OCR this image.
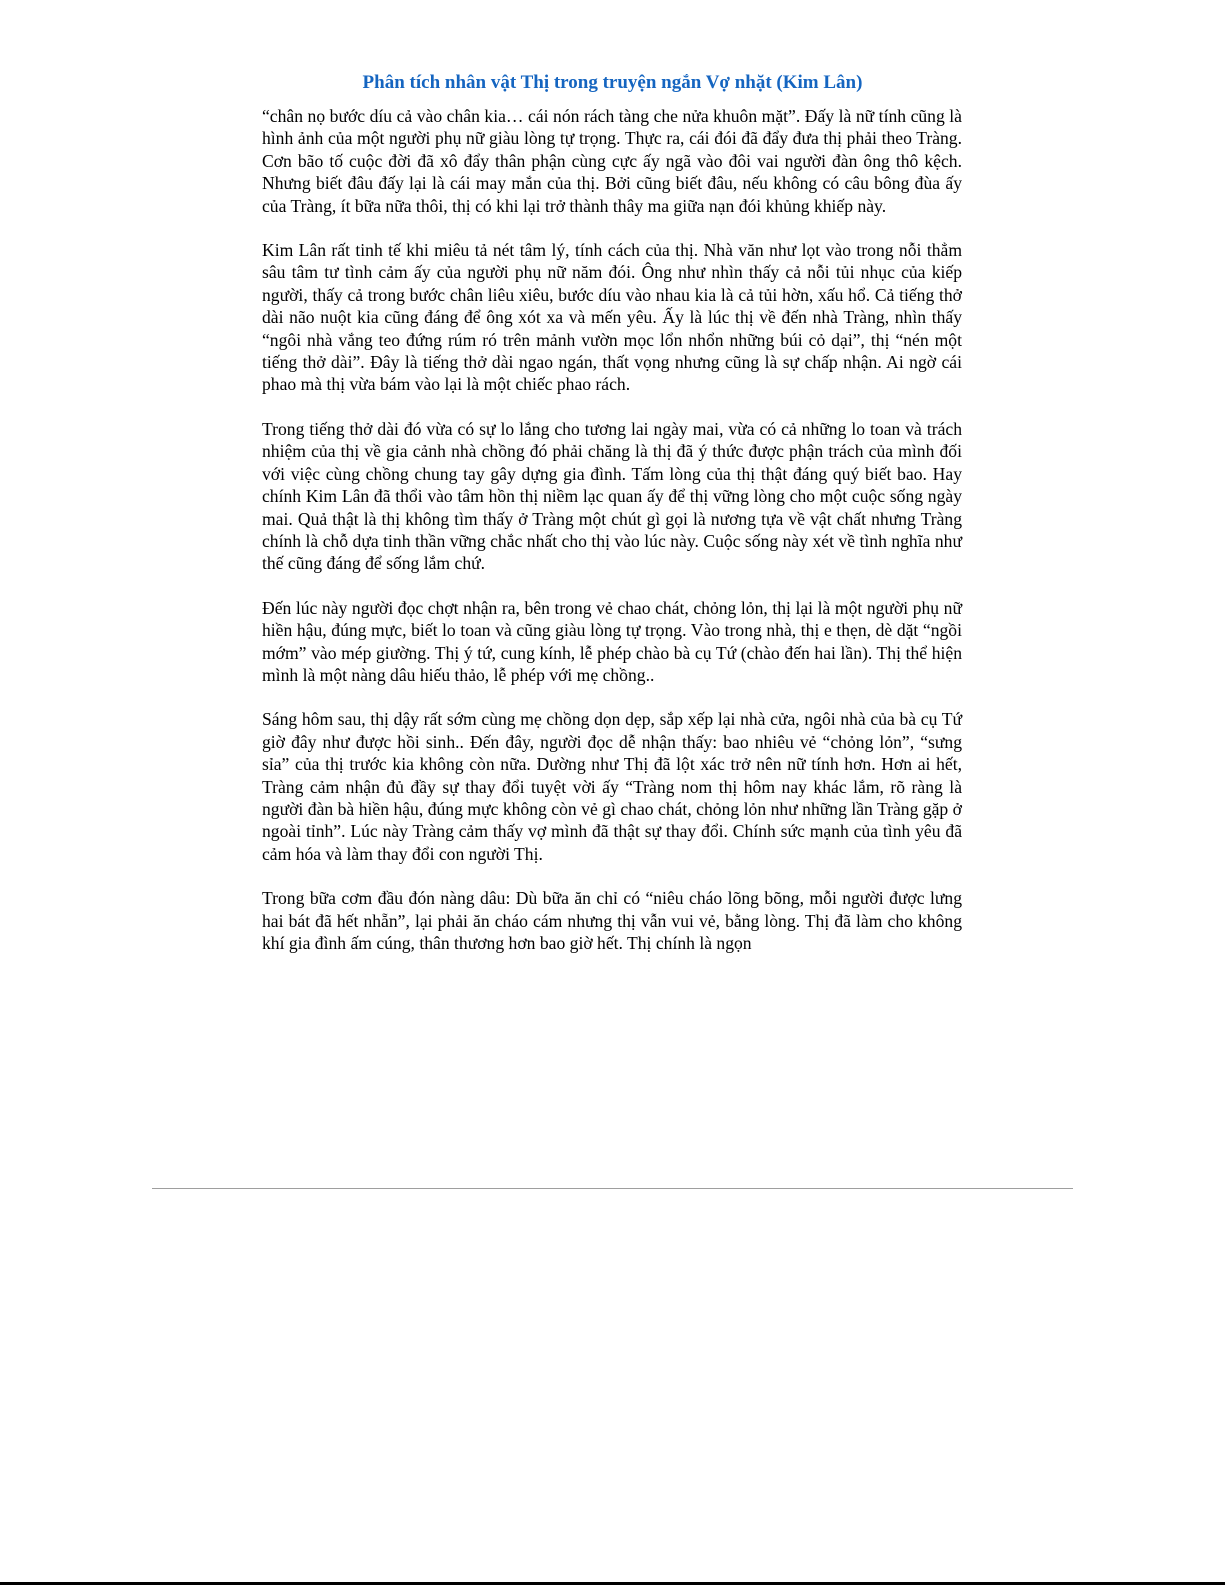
Phân tích nhân vật Thị trong truyện ngắn Vợ nhặt (Kim Lân)

“chân nọ bước díu cả vào chân kia… cái nón rách tàng che nửa khuôn mặt”. Đấy là nữ tính cũng là hình ảnh của một người phụ nữ giàu lòng tự trọng. Thực ra, cái đói đã đẩy đưa thị phải theo Tràng. Cơn bão tố cuộc đời đã xô đẩy thân phận cùng cực ấy ngã vào đôi vai người đàn ông thô kệch. Nhưng biết đâu đấy lại là cái may mắn của thị. Bởi cũng biết đâu, nếu không có câu bông đùa ấy của Tràng, ít bữa nữa thôi, thị có khi lại trở thành thây ma giữa nạn đói khủng khiếp này.

Kim Lân rất tinh tế khi miêu tả nét tâm lý, tính cách của thị. Nhà văn như lọt vào trong nỗi thẳm sâu tâm tư tình cảm ấy của người phụ nữ năm đói. Ông như nhìn thấy cả nỗi tủi nhục của kiếp người, thấy cả trong bước chân liêu xiêu, bước díu vào nhau kia là cả tủi hờn, xấu hổ. Cả tiếng thở dài não nuột kia cũng đáng để ông xót xa và mến yêu. Ấy là lúc thị về đến nhà Tràng, nhìn thấy “ngôi nhà vắng teo đứng rúm ró trên mảnh vườn mọc lổn nhổn những búi cỏ dại”, thị “nén một tiếng thở dài”. Đây là tiếng thở dài ngao ngán, thất vọng nhưng cũng là sự chấp nhận. Ai ngờ cái phao mà thị vừa bám vào lại là một chiếc phao rách.

Trong tiếng thở dài đó vừa có sự lo lắng cho tương lai ngày mai, vừa có cả những lo toan và trách nhiệm của thị về gia cảnh nhà chồng đó phải chăng là thị đã ý thức được phận trách của mình đối với việc cùng chồng chung tay gây dựng gia đình. Tấm lòng của thị thật đáng quý biết bao. Hay chính Kim Lân đã thổi vào tâm hồn thị niềm lạc quan ấy để thị vững lòng cho một cuộc sống ngày mai. Quả thật là thị không tìm thấy ở Tràng một chút gì gọi là nương tựa về vật chất nhưng Tràng chính là chỗ dựa tinh thần vững chắc nhất cho thị vào lúc này. Cuộc sống này xét về tình nghĩa như thế cũng đáng để sống lắm chứ.

Đến lúc này người đọc chợt nhận ra, bên trong vẻ chao chát, chỏng lỏn, thị lại là một người phụ nữ hiền hậu, đúng mực, biết lo toan và cũng giàu lòng tự trọng. Vào trong nhà, thị e thẹn, dè dặt “ngồi mớm” vào mép giường. Thị ý tứ, cung kính, lễ phép chào bà cụ Tứ (chào đến hai lần). Thị thể hiện mình là một nàng dâu hiếu thảo, lễ phép với mẹ chồng..

Sáng hôm sau, thị dậy rất sớm cùng mẹ chồng dọn dẹp, sắp xếp lại nhà cửa, ngôi nhà của bà cụ Tứ giờ đây như được hồi sinh.. Đến đây, người đọc dễ nhận thấy: bao nhiêu vẻ “chỏng lỏn”, “sưng sỉa” của thị trước kia không còn nữa. Dường như Thị đã lột xác trở nên nữ tính hơn. Hơn ai hết, Tràng cảm nhận đủ đầy sự thay đổi tuyệt vời ấy “Tràng nom thị hôm nay khác lắm, rõ ràng là người đàn bà hiền hậu, đúng mực không còn vẻ gì chao chát, chỏng lỏn như những lần Tràng gặp ở ngoài tỉnh”. Lúc này Tràng cảm thấy vợ mình đã thật sự thay đổi. Chính sức mạnh của tình yêu đã cảm hóa và làm thay đổi con người Thị.

Trong bữa cơm đầu đón nàng dâu: Dù bữa ăn chỉ có “niêu cháo lõng bõng, mỗi người được lưng hai bát đã hết nhẵn”, lại phải ăn cháo cám nhưng thị vẫn vui vẻ, bằng lòng. Thị đã làm cho không khí gia đình ấm cúng, thân thương hơn bao giờ hết. Thị chính là ngọn
